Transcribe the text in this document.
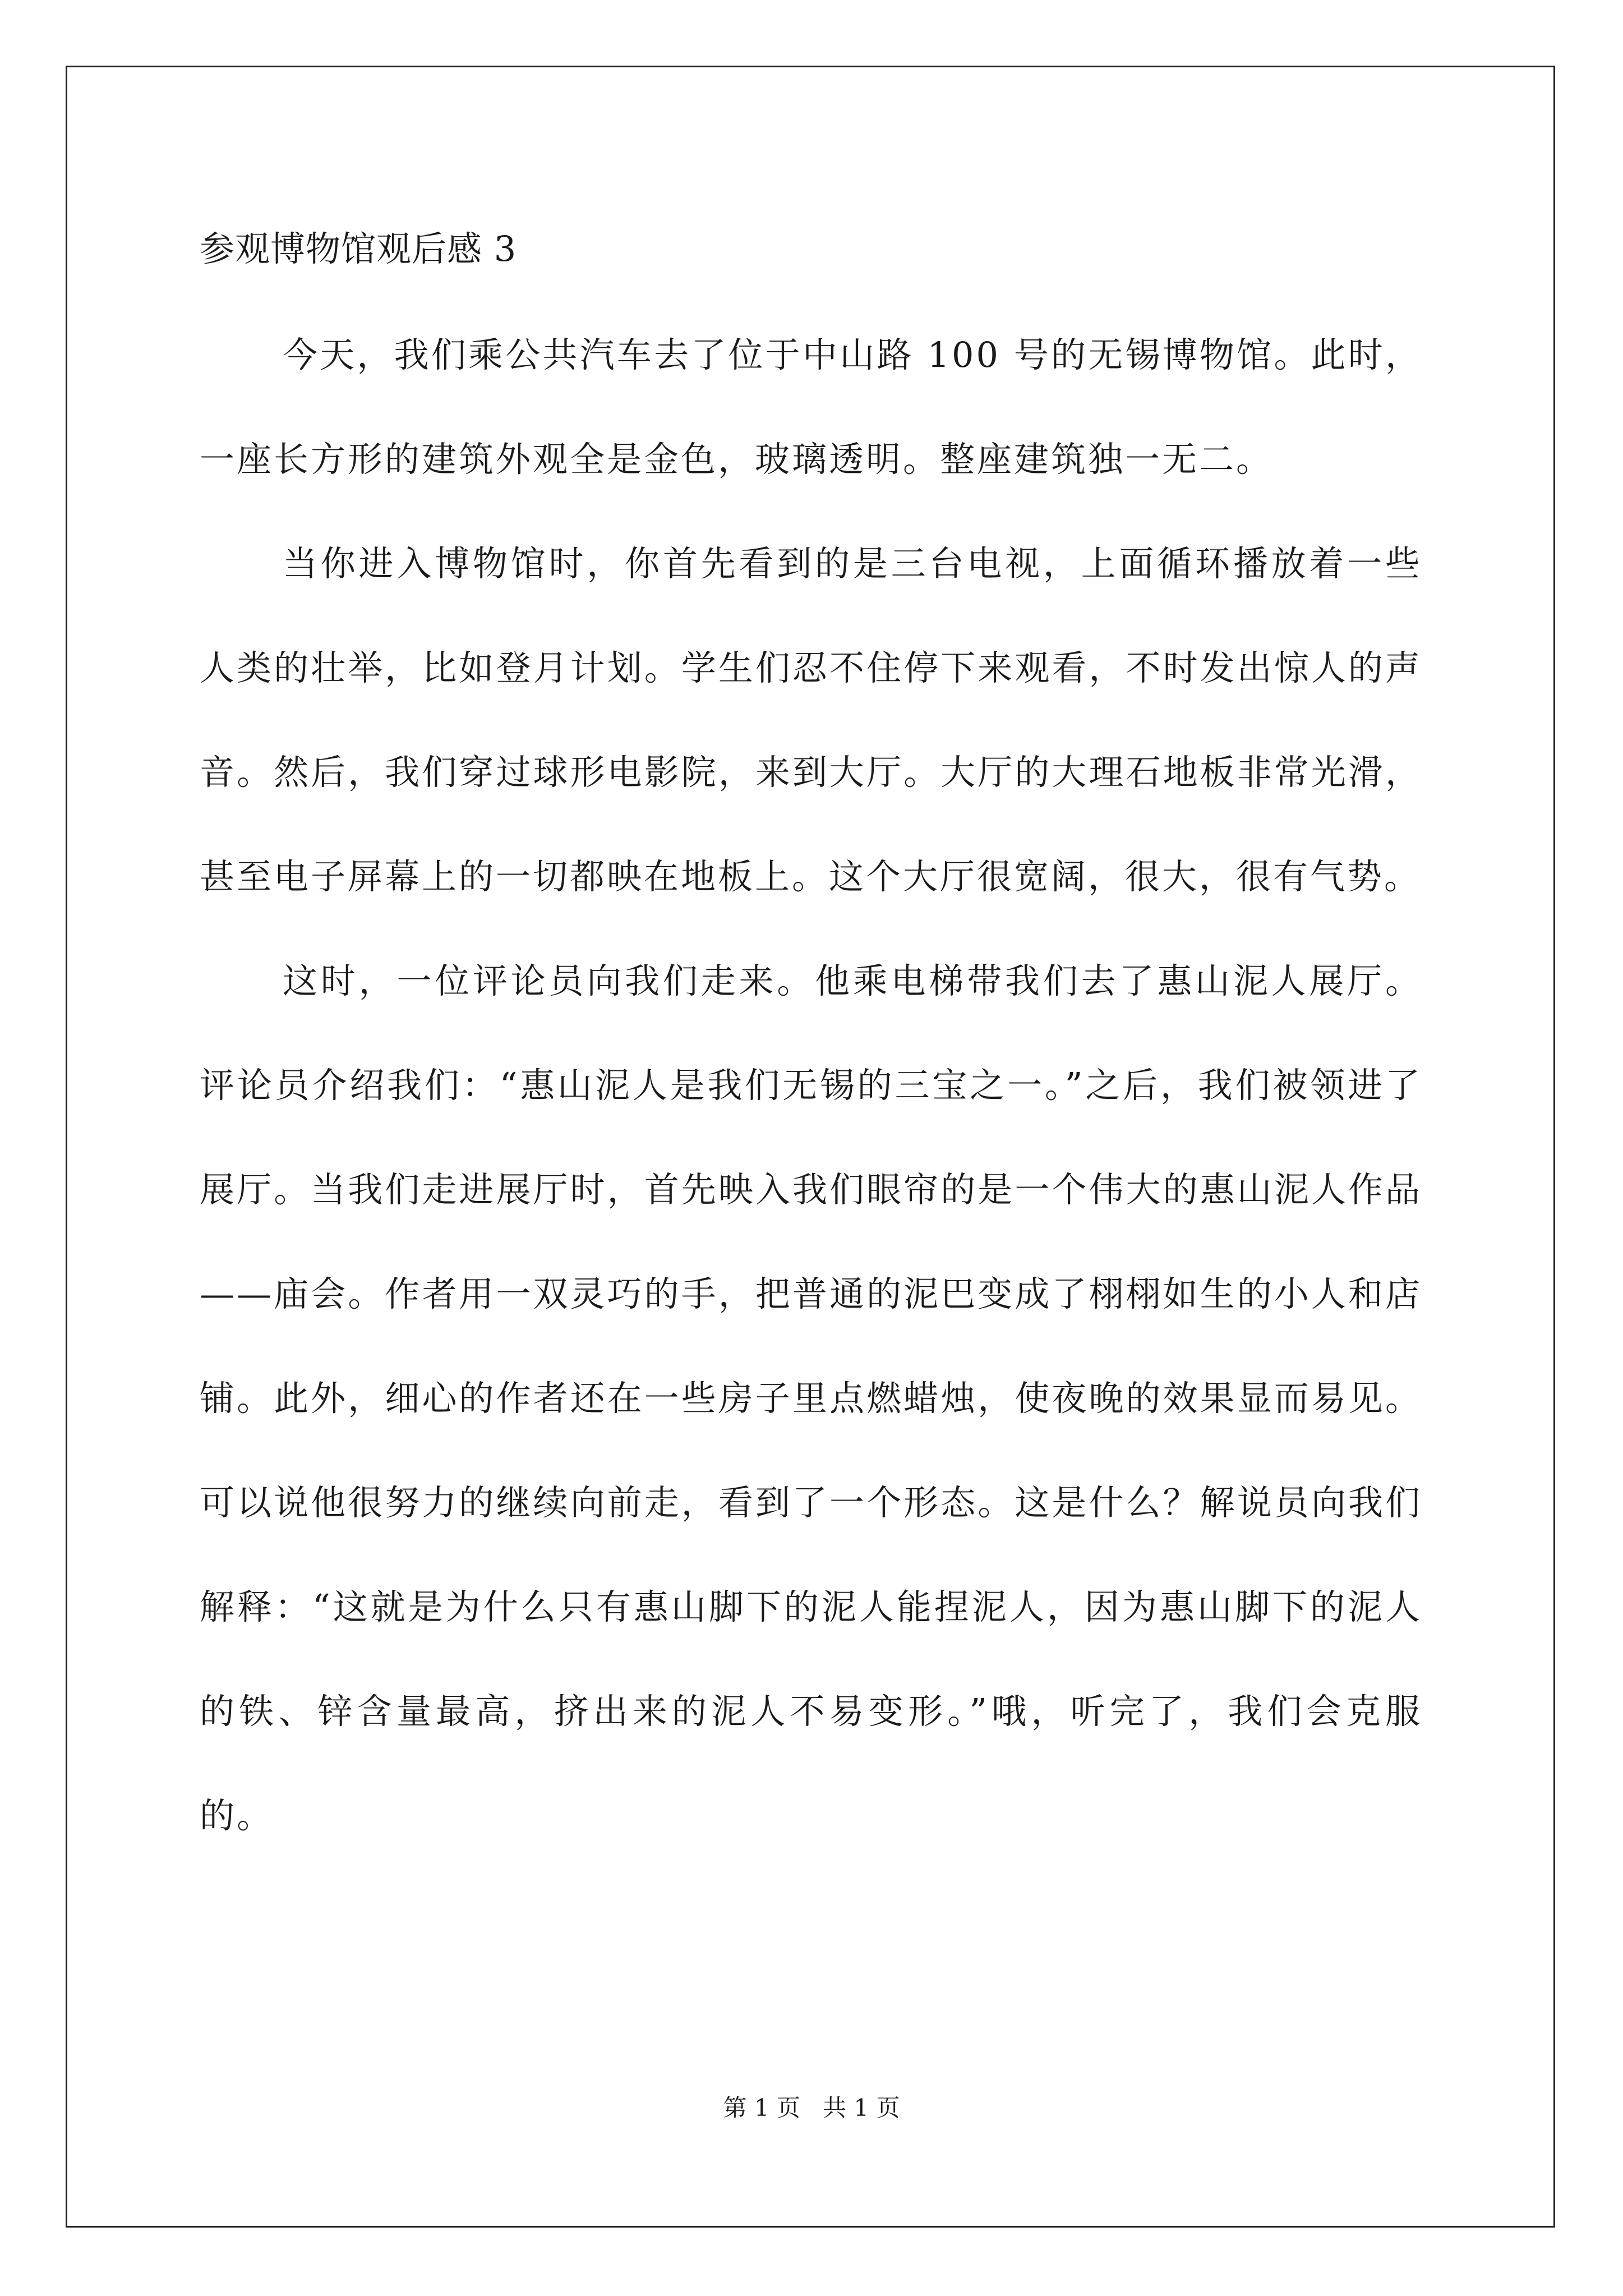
参观博物馆观后感 3

今天，我们乘公共汽车去了位于中山路 100 号的无锡博物馆。此时，一座长方形的建筑外观全是金色，玻璃透明。整座建筑独一无二。

当你进入博物馆时，你首先看到的是三台电视，上面循环播放着一些人类的壮举，比如登月计划。学生们忍不住停下来观看，不时发出惊人的声音。然后，我们穿过球形电影院，来到大厅。大厅的大理石地板非常光滑，甚至电子屏幕上的一切都映在地板上。这个大厅很宽阔，很大，很有气势。

这时，一位评论员向我们走来。他乘电梯带我们去了惠山泥人展厅。评论员介绍我们：“惠山泥人是我们无锡的三宝之一。”之后，我们被领进了展厅。当我们走进展厅时，首先映入我们眼帘的是一个伟大的惠山泥人作品——庙会。作者用一双灵巧的手，把普通的泥巴变成了栩栩如生的小人和店铺。此外，细心的作者还在一些房子里点燃蜡烛，使夜晚的效果显而易见。可以说他很努力的继续向前走，看到了一个形态。这是什么？解说员向我们解释：“这就是为什么只有惠山脚下的泥人能捏泥人，因为惠山脚下的泥人的铁、锌含量最高，挤出来的泥人不易变形。”哦，听完了，我们会克服的。

第 1 页   共 1 页
